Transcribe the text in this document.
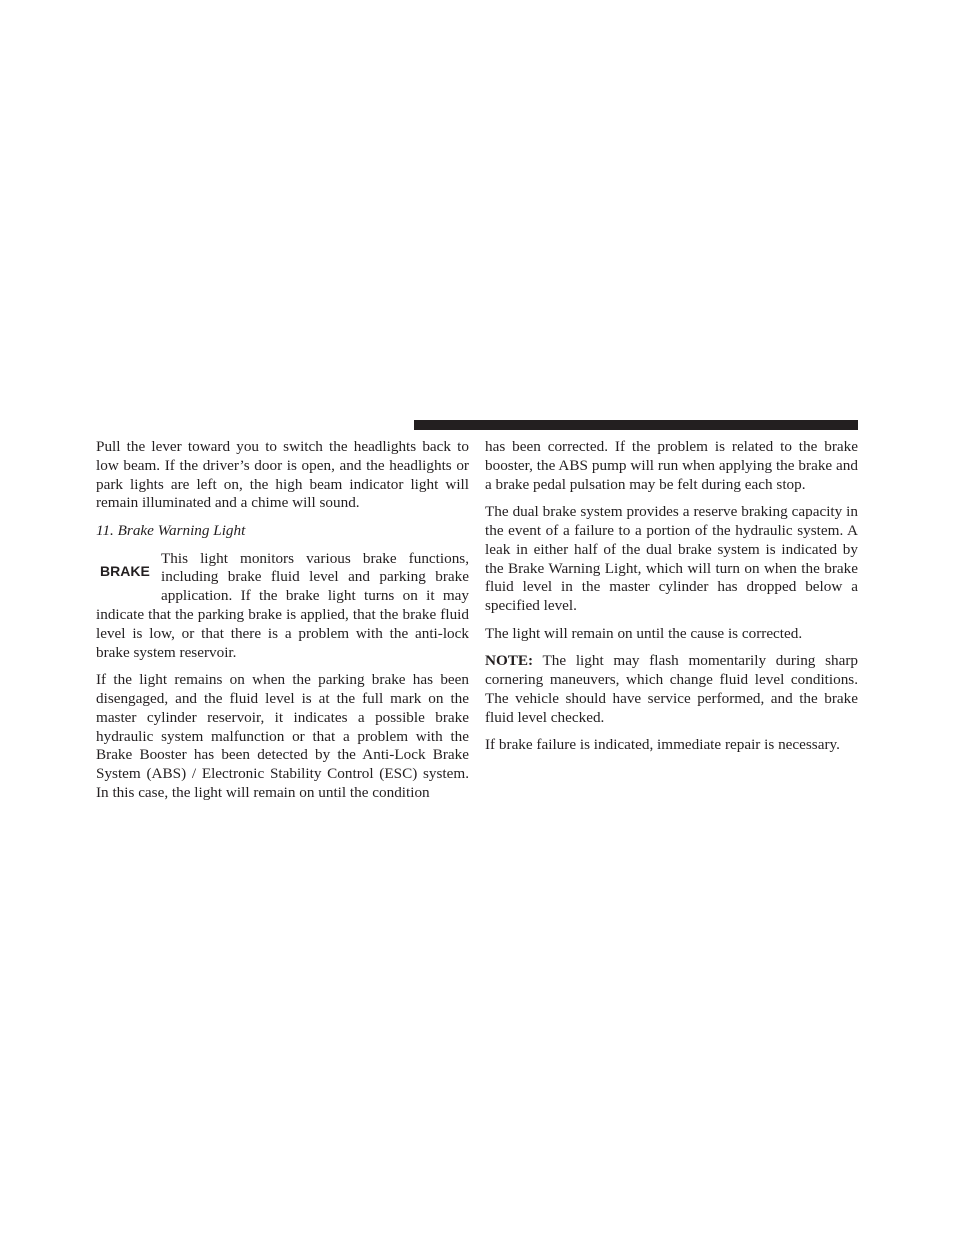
Pull the lever toward you to switch the headlights back to low beam. If the driver’s door is open, and the headlights or park lights are left on, the high beam indicator light will remain illuminated and a chime will sound.

11. Brake Warning Light

BRAKE

This light monitors various brake functions, including brake fluid level and parking brake application. If the brake light turns on it may indicate that the parking brake is applied, that the brake fluid level is low, or that there is a problem with the anti-lock brake system reservoir.

If the light remains on when the parking brake has been disengaged, and the fluid level is at the full mark on the master cylinder reservoir, it indicates a possible brake hydraulic system malfunction or that a problem with the Brake Booster has been detected by the Anti-Lock Brake System (ABS) / Electronic Stability Control (ESC) system. In this case, the light will remain on until the condition

has been corrected. If the problem is related to the brake booster, the ABS pump will run when applying the brake and a brake pedal pulsation may be felt during each stop.

The dual brake system provides a reserve braking capacity in the event of a failure to a portion of the hydraulic system. A leak in either half of the dual brake system is indicated by the Brake Warning Light, which will turn on when the brake fluid level in the master cylinder has dropped below a specified level.

The light will remain on until the cause is corrected.

NOTE: The light may flash momentarily during sharp cornering maneuvers, which change fluid level conditions. The vehicle should have service performed, and the brake fluid level checked.

If brake failure is indicated, immediate repair is necessary.
